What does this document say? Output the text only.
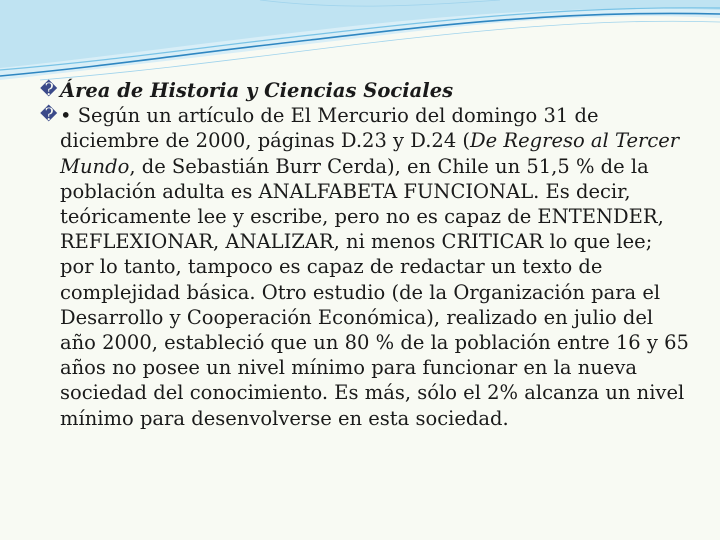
� Área de Historia y Ciencias Sociales
� • Según un artículo de El Mercurio del domingo 31 de diciembre de 2000, páginas D.23 y D.24 (De Regreso al Tercer Mundo, de Sebastián Burr Cerda), en Chile un 51,5 % de la población adulta es ANALFABETA FUNCIONAL. Es decir, teóricamente lee y escribe, pero no es capaz de ENTENDER, REFLEXIONAR, ANALIZAR, ni menos CRITICAR lo que lee; por lo tanto, tampoco es capaz de redactar un texto de complejidad básica. Otro estudio (de la Organización para el Desarrollo y Cooperación Económica), realizado en julio del año 2000, estableció que un 80 % de la población entre 16 y 65 años no posee un nivel mínimo para funcionar en la nueva sociedad del conocimiento. Es más, sólo el 2% alcanza un nivel mínimo para desenvolverse en esta sociedad.
